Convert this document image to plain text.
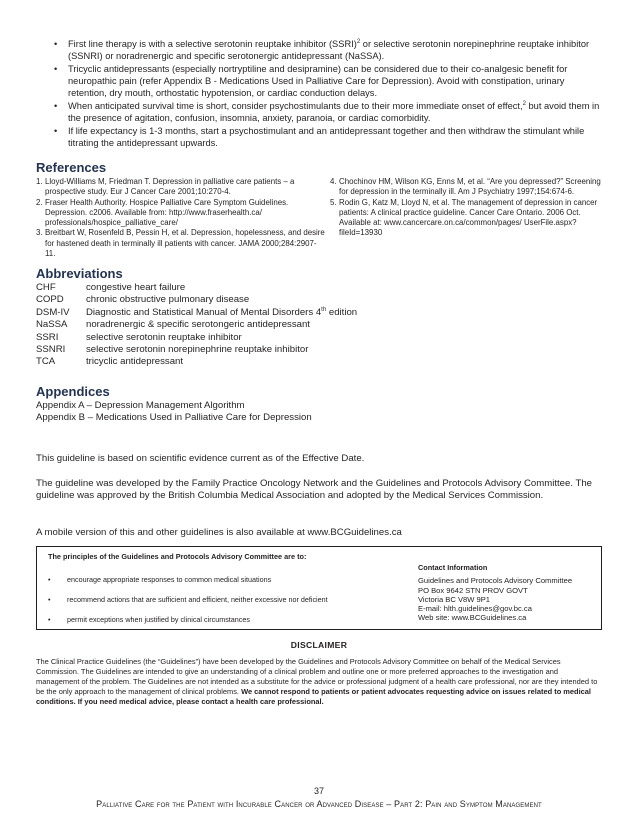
• First line therapy is with a selective serotonin reuptake inhibitor (SSRI)$^2$ or selective serotonin norepinephrine reuptake inhibitor (SSNRI) or noradrenergic and specific serotonergic antidepressant (NaSSA).
• Tricyclic antidepressants (especially nortryptiline and desipramine) can be considered due to their co-analgesic benefit for neuropathic pain (refer Appendix B - Medications Used in Palliative Care for Depression). Avoid with constipation, urinary retention, dry mouth, orthostatic hypotension, or cardiac conduction delays.
• When anticipated survival time is short, consider psychostimulants due to their more immediate onset of effect,$^2$ but avoid them in the presence of agitation, confusion, insomnia, anxiety, paranoia, or cardiac comorbidity.
• If life expectancy is 1-3 months, start a psychostimulant and an antidepressant together and then withdraw the stimulant while titrating the antidepressant upwards.
References
1. Lloyd-Williams M, Friedman T. Depression in palliative care patients – a prospective study. Eur J Cancer Care 2001;10:270-4.
2. Fraser Health Authority. Hospice Palliative Care Symptom Guidelines. Depression. c2006. Available from: http://www.fraserhealth.ca/ professionals/hospice_palliative_care/
3. Breitbart W, Rosenfeld B, Pessin H, et al. Depression, hopelessness, and desire for hastened death in terminally ill patients with cancer. JAMA 2000;284:2907-11.
4. Chochinov HM, Wilson KG, Enns M, et al. “Are you depressed?” Screening for depression in the terminally ill. Am J Psychiatry 1997;154:674-6.
5. Rodin G, Katz M, Lloyd N, et al. The management of depression in cancer patients: A clinical practice guideline. Cancer Care Ontario. 2006 Oct. Available at: www.cancercare.on.ca/common/pages/ UserFile.aspx?fileId=13930
Abbreviations
CHF	congestive heart failure
COPD	chronic obstructive pulmonary disease
DSM-IV	Diagnostic and Statistical Manual of Mental Disorders 4th edition
NaSSA	noradrenergic & specific serotongeric antidepressant
SSRI	selective serotonin reuptake inhibitor
SSNRI	selective serotonin norepinephrine reuptake inhibitor
TCA	tricyclic antidepressant
Appendices
Appendix A – Depression Management Algorithm
Appendix B – Medications Used in Palliative Care for Depression
This guideline is based on scientific evidence current as of the Effective Date.
The guideline was developed by the Family Practice Oncology Network and the Guidelines and Protocols Advisory Committee. The guideline was approved by the British Columbia Medical Association and adopted by the Medical Services Commission.
A mobile version of this and other guidelines is also available at www.BCGuidelines.ca
The principles of the Guidelines and Protocols Advisory Committee are to:
• encourage appropriate responses to common medical situations
• recommend actions that are sufficient and efficient, neither excessive nor deficient
• permit exceptions when justified by clinical circumstances
Contact Information
Guidelines and Protocols Advisory Committee
PO Box 9642 STN PROV GOVT
Victoria BC V8W 9P1
E-mail: hlth.guidelines@gov.bc.ca
Web site: www.BCGuidelines.ca
DISCLAIMER
The Clinical Practice Guidelines (the “Guidelines”) have been developed by the Guidelines and Protocols Advisory Committee on behalf of the Medical Services Commission. The Guidelines are intended to give an understanding of a clinical problem and outline one or more preferred approaches to the investigation and management of the problem. The Guidelines are not intended as a substitute for the advice or professional judgment of a health care professional, nor are they intended to be the only approach to the management of clinical problems. We cannot respond to patients or patient advocates requesting advice on issues related to medical conditions. If you need medical advice, please contact a health care professional.
37
Palliative Care for the Patient with Incurable Cancer or Advanced Disease – Part 2: Pain and Symptom Management
